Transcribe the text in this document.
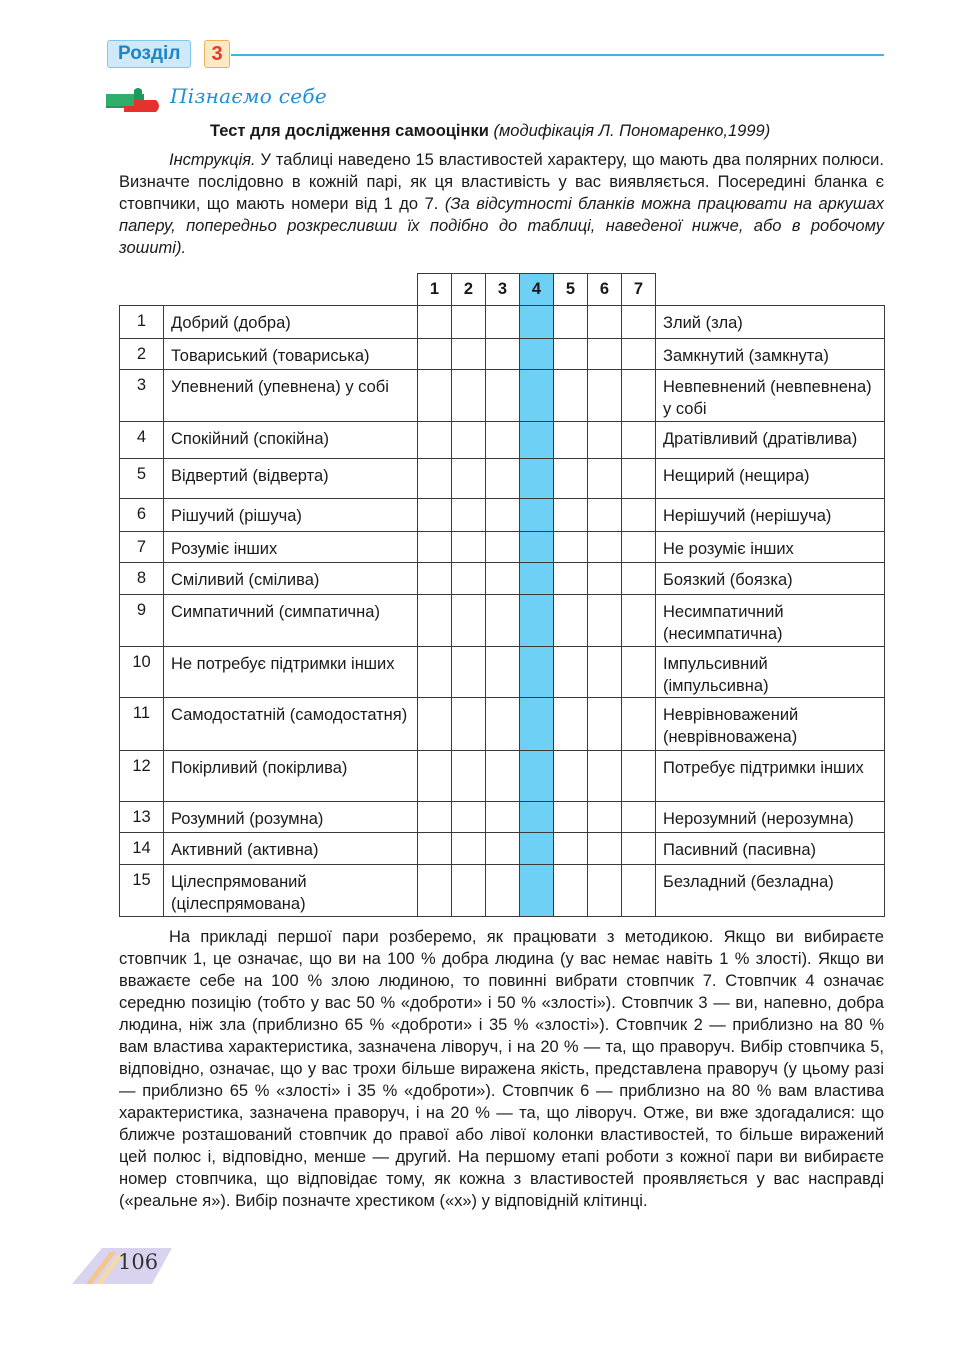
Розділ	3
Пізнаємо себе
Тест для дослідження самооцінки (модифікація Л. Пономаренко,1999)
Інструкція. У таблиці наведено 15 властивостей характеру, що мають два полярних полюси. Визначте послідовно в кожній парі, як ця властивість у вас виявляється. Посередині бланка є стовпчики, що мають номери від 1 до 7. (За відсутності бланків можна працювати на аркушах паперу, попередньо розкресливши їх подібно до таблиці, наведеної нижче, або в робочому зошиті).
		1	2	3	4	5	6	7	
1	Добрий (добра)								Злий (зла)
2	Товариський (товариська)								Замкнутий (замкнута)
3	Упевнений (упевнена) у собі								Невпевнений (невпевнена) у собі
4	Спокійний (спокійна)								Дратівливий (дратівлива)
5	Відвертий (відверта)								Нещирий (нещира)
6	Рішучий (рішуча)								Нерішучий (нерішуча)
7	Розуміє інших								Не розуміє інших
8	Сміливий (смілива)								Боязкий (боязка)
9	Симпатичний (симпатична)								Несимпатичний (несимпатична)
10	Не потребує підтримки інших								Імпульсивний (імпульсивна)
11	Самодостатній (самодостатня)								Неврівноважений (неврівноважена)
12	Покірливий (покірлива)								Потребує підтримки інших
13	Розумний (розумна)								Нерозумний (нерозумна)
14	Активний (активна)								Пасивний (пасивна)
15	Цілеспрямований (цілеспрямована)								Безладний (безладна)
На прикладі першої пари розберемо, як працювати з методикою. Якщо ви вибираєте стовпчик 1, це означає, що ви на 100 % добра людина (у вас немає навіть 1 % злості). Якщо ви вважаєте себе на 100 % злою людиною, то повинні вибрати стовпчик 7. Стовпчик 4 означає середню позицію (тобто у вас 50 % «доброти» і 50 % «злості»). Стовпчик 3 — ви, напевно, добра людина, ніж зла (приблизно 65 % «доброти» і 35 % «злості»). Стовпчик 2 — приблизно на 80 % вам властива характеристика, зазначена ліворуч, і на 20 % — та, що праворуч. Вибір стовпчика 5, відповідно, означає, що у вас трохи більше виражена якість, представлена праворуч (у цьому разі — приблизно 65 % «злості» і 35 % «доброти»). Стовпчик 6 — приблизно на 80 % вам властива характеристика, зазначена праворуч, і на 20 % — та, що ліворуч. Отже, ви вже здогадалися: що ближче розташований стовпчик до правої або лівої колонки властивостей, то більше виражений цей полюс і, відповідно, менше — другий. На першому етапі роботи з кожної пари ви вибираєте номер стовпчика, що відповідає тому, як кожна з властивостей проявляється у вас насправді («реальне я»). Вибір позначте хрестиком («х») у відповідній клітинці.
106
